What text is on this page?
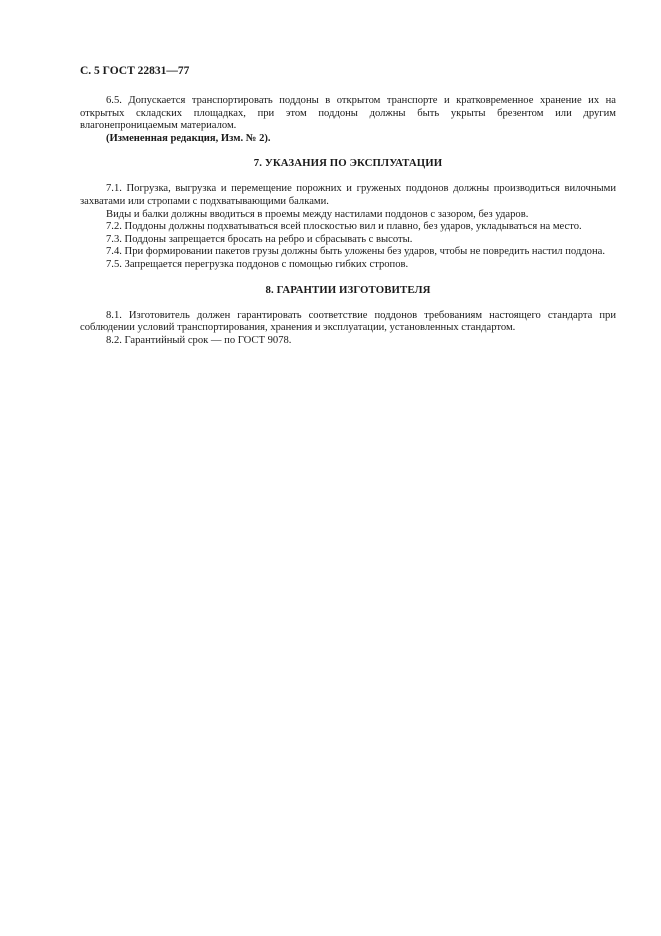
С. 5 ГОСТ 22831—77

6.5. Допускается транспортировать поддоны в открытом транспорте и кратковременное хранение их на открытых складских площадках, при этом поддоны должны быть укрыты брезентом или другим влагонепроницаемым материалом.

(Измененная редакция, Изм. № 2).

7. УКАЗАНИЯ ПО ЭКСПЛУАТАЦИИ

7.1. Погрузка, выгрузка и перемещение порожних и груженых поддонов должны производиться вилочными захватами или стропами с подхватывающими балками.

Виды и балки должны вводиться в проемы между настилами поддонов с зазором, без ударов.

7.2. Поддоны должны подхватываться всей плоскостью вил и плавно, без ударов, укладываться на место.

7.3. Поддоны запрещается бросать на ребро и сбрасывать с высоты.

7.4. При формировании пакетов грузы должны быть уложены без ударов, чтобы не повредить настил поддона.

7.5. Запрещается перегрузка поддонов с помощью гибких стропов.

8. ГАРАНТИИ ИЗГОТОВИТЕЛЯ

8.1. Изготовитель должен гарантировать соответствие поддонов требованиям настоящего стандарта при соблюдении условий транспортирования, хранения и эксплуатации, установленных стандартом.

8.2. Гарантийный срок — по ГОСТ 9078.
